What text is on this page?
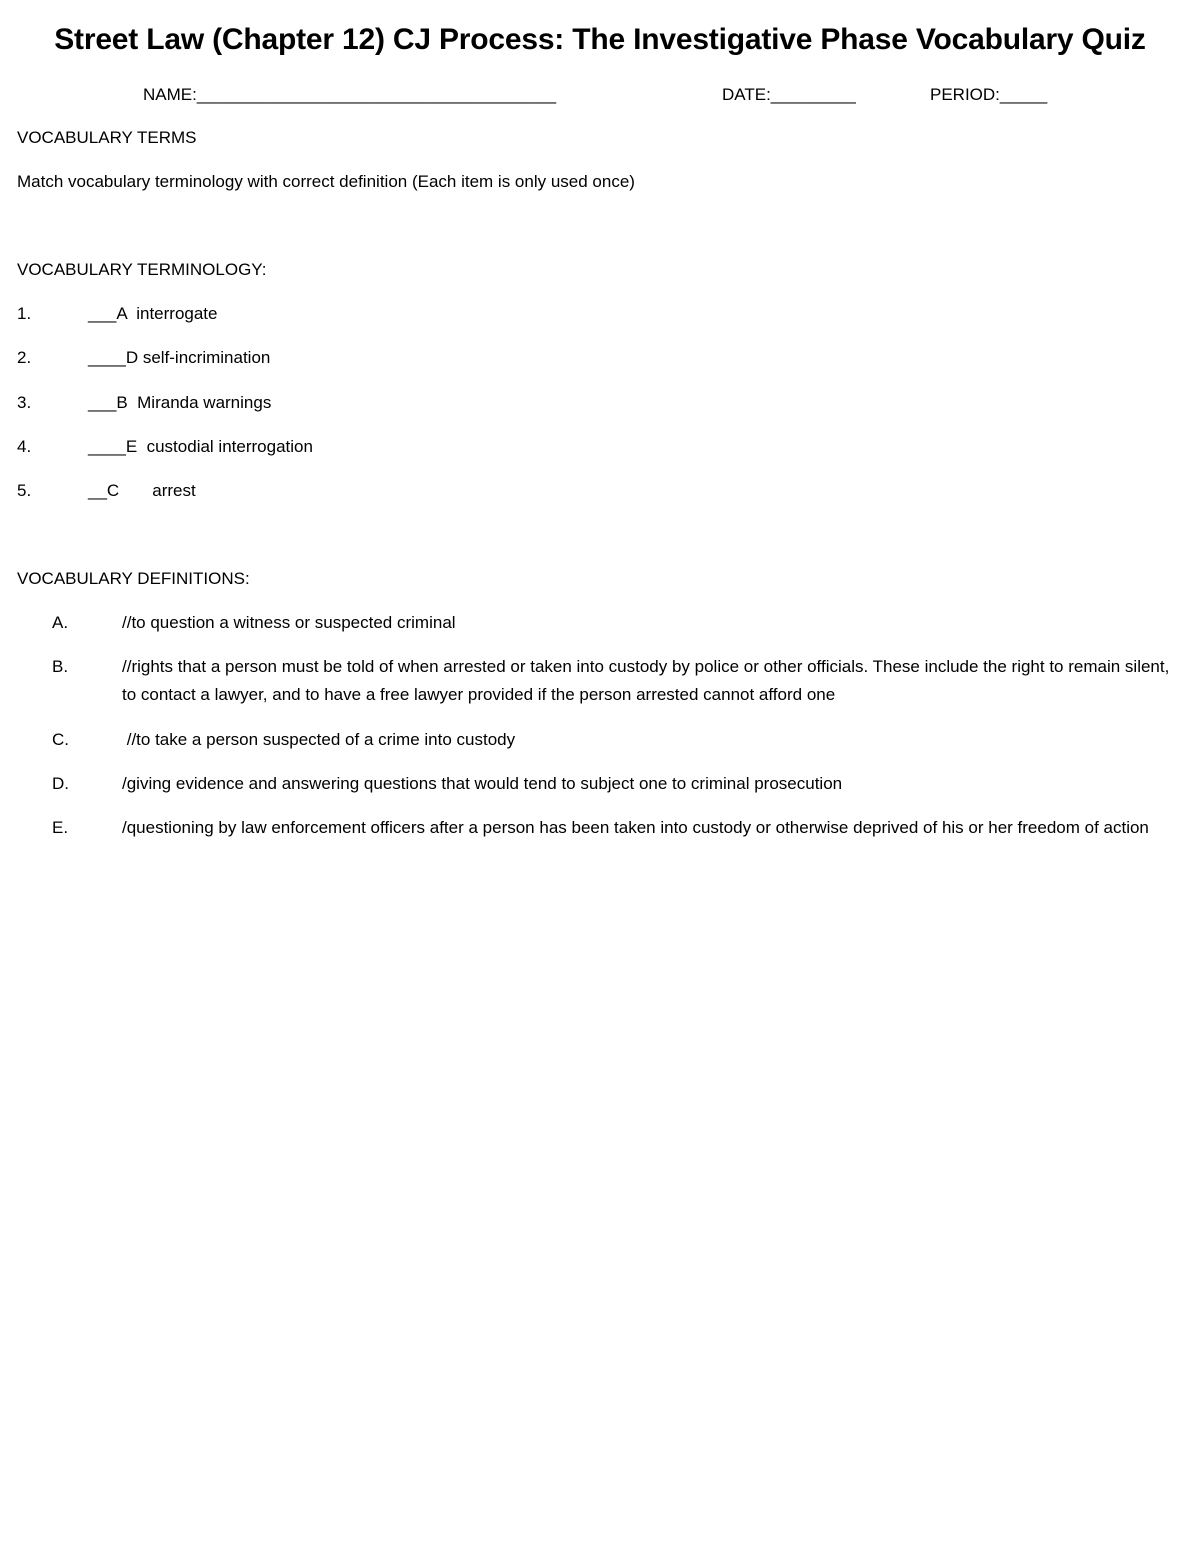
Street Law (Chapter 12) CJ Process: The Investigative Phase Vocabulary Quiz
NAME:______________________________________	DATE:_________	PERIOD:_____
VOCABULARY TERMS
Match vocabulary terminology with correct definition (Each item is only used once)
VOCABULARY TERMINOLOGY:
1.	___A  interrogate
2.	____D self-incrimination
3.	___B  Miranda warnings
4.	____E  custodial interrogation
5.	__C       arrest
VOCABULARY DEFINITIONS:
A.	//to question a witness or suspected criminal
B.	//rights that a person must be told of when arrested or taken into custody by police or other officials. These include the right to remain silent, to contact a lawyer, and to have a free lawyer provided if the person arrested cannot afford one
C.	//to take a person suspected of a crime into custody
D.	/giving evidence and answering questions that would tend to subject one to criminal prosecution
E.	/questioning by law enforcement officers after a person has been taken into custody or otherwise deprived of his or her freedom of action
